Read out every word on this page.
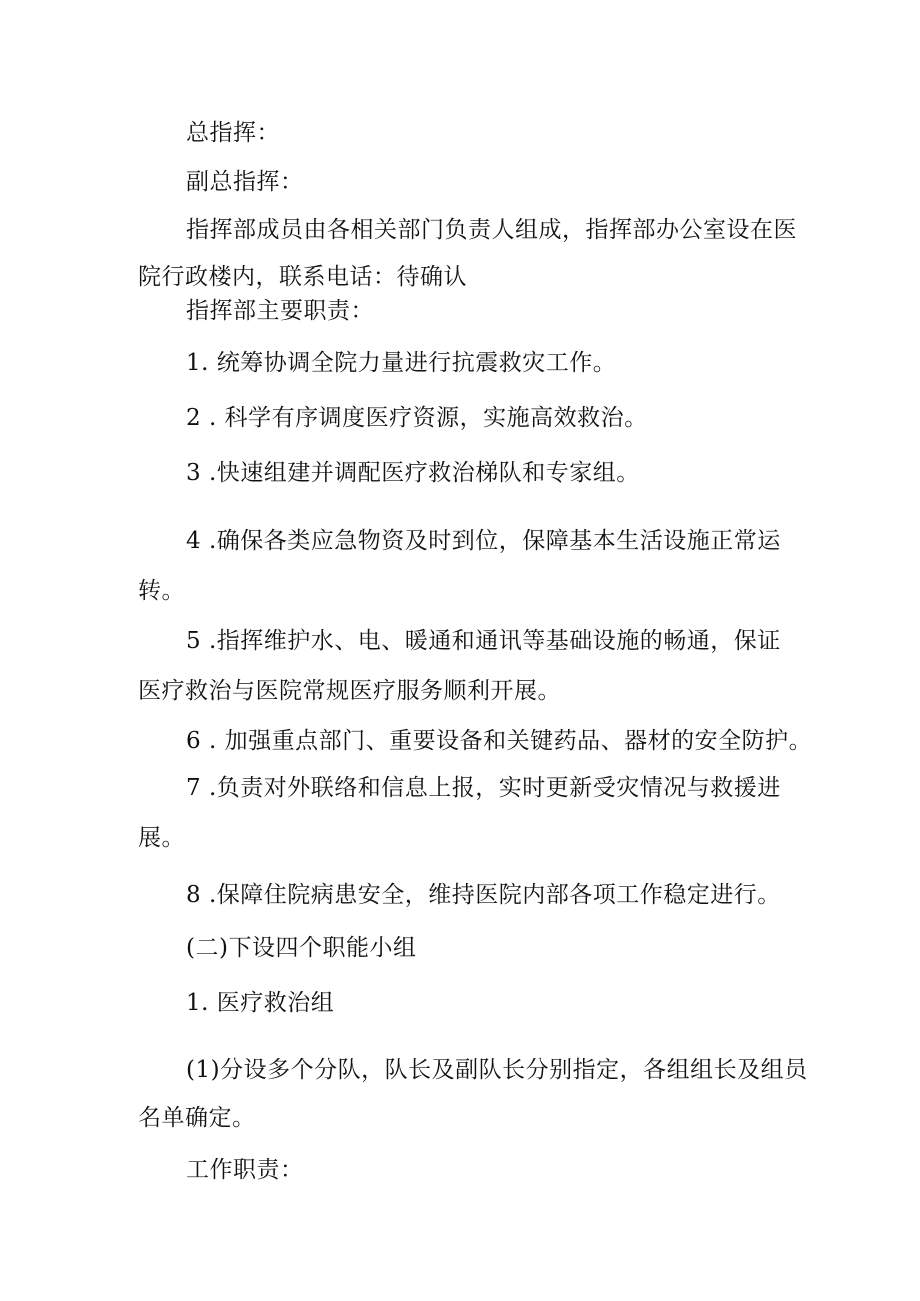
总指挥：
副总指挥：
指挥部成员由各相关部门负责人组成，指挥部办公室设在医
院行政楼内，联系电话：待确认
指挥部主要职责：
1. 统筹协调全院力量进行抗震救灾工作。
2 . 科学有序调度医疗资源，实施高效救治。
3 .快速组建并调配医疗救治梯队和专家组。
4 .确保各类应急物资及时到位，保障基本生活设施正常运
转。
5 .指挥维护水、电、暖通和通讯等基础设施的畅通，保证
医疗救治与医院常规医疗服务顺利开展。
6 . 加强重点部门、重要设备和关键药品、器材的安全防护。
7 .负责对外联络和信息上报，实时更新受灾情况与救援进
展。
8 .保障住院病患安全，维持医院内部各项工作稳定进行。
(二)下设四个职能小组
1. 医疗救治组
(1)分设多个分队，队长及副队长分别指定，各组组长及组员
名单确定。
工作职责：
